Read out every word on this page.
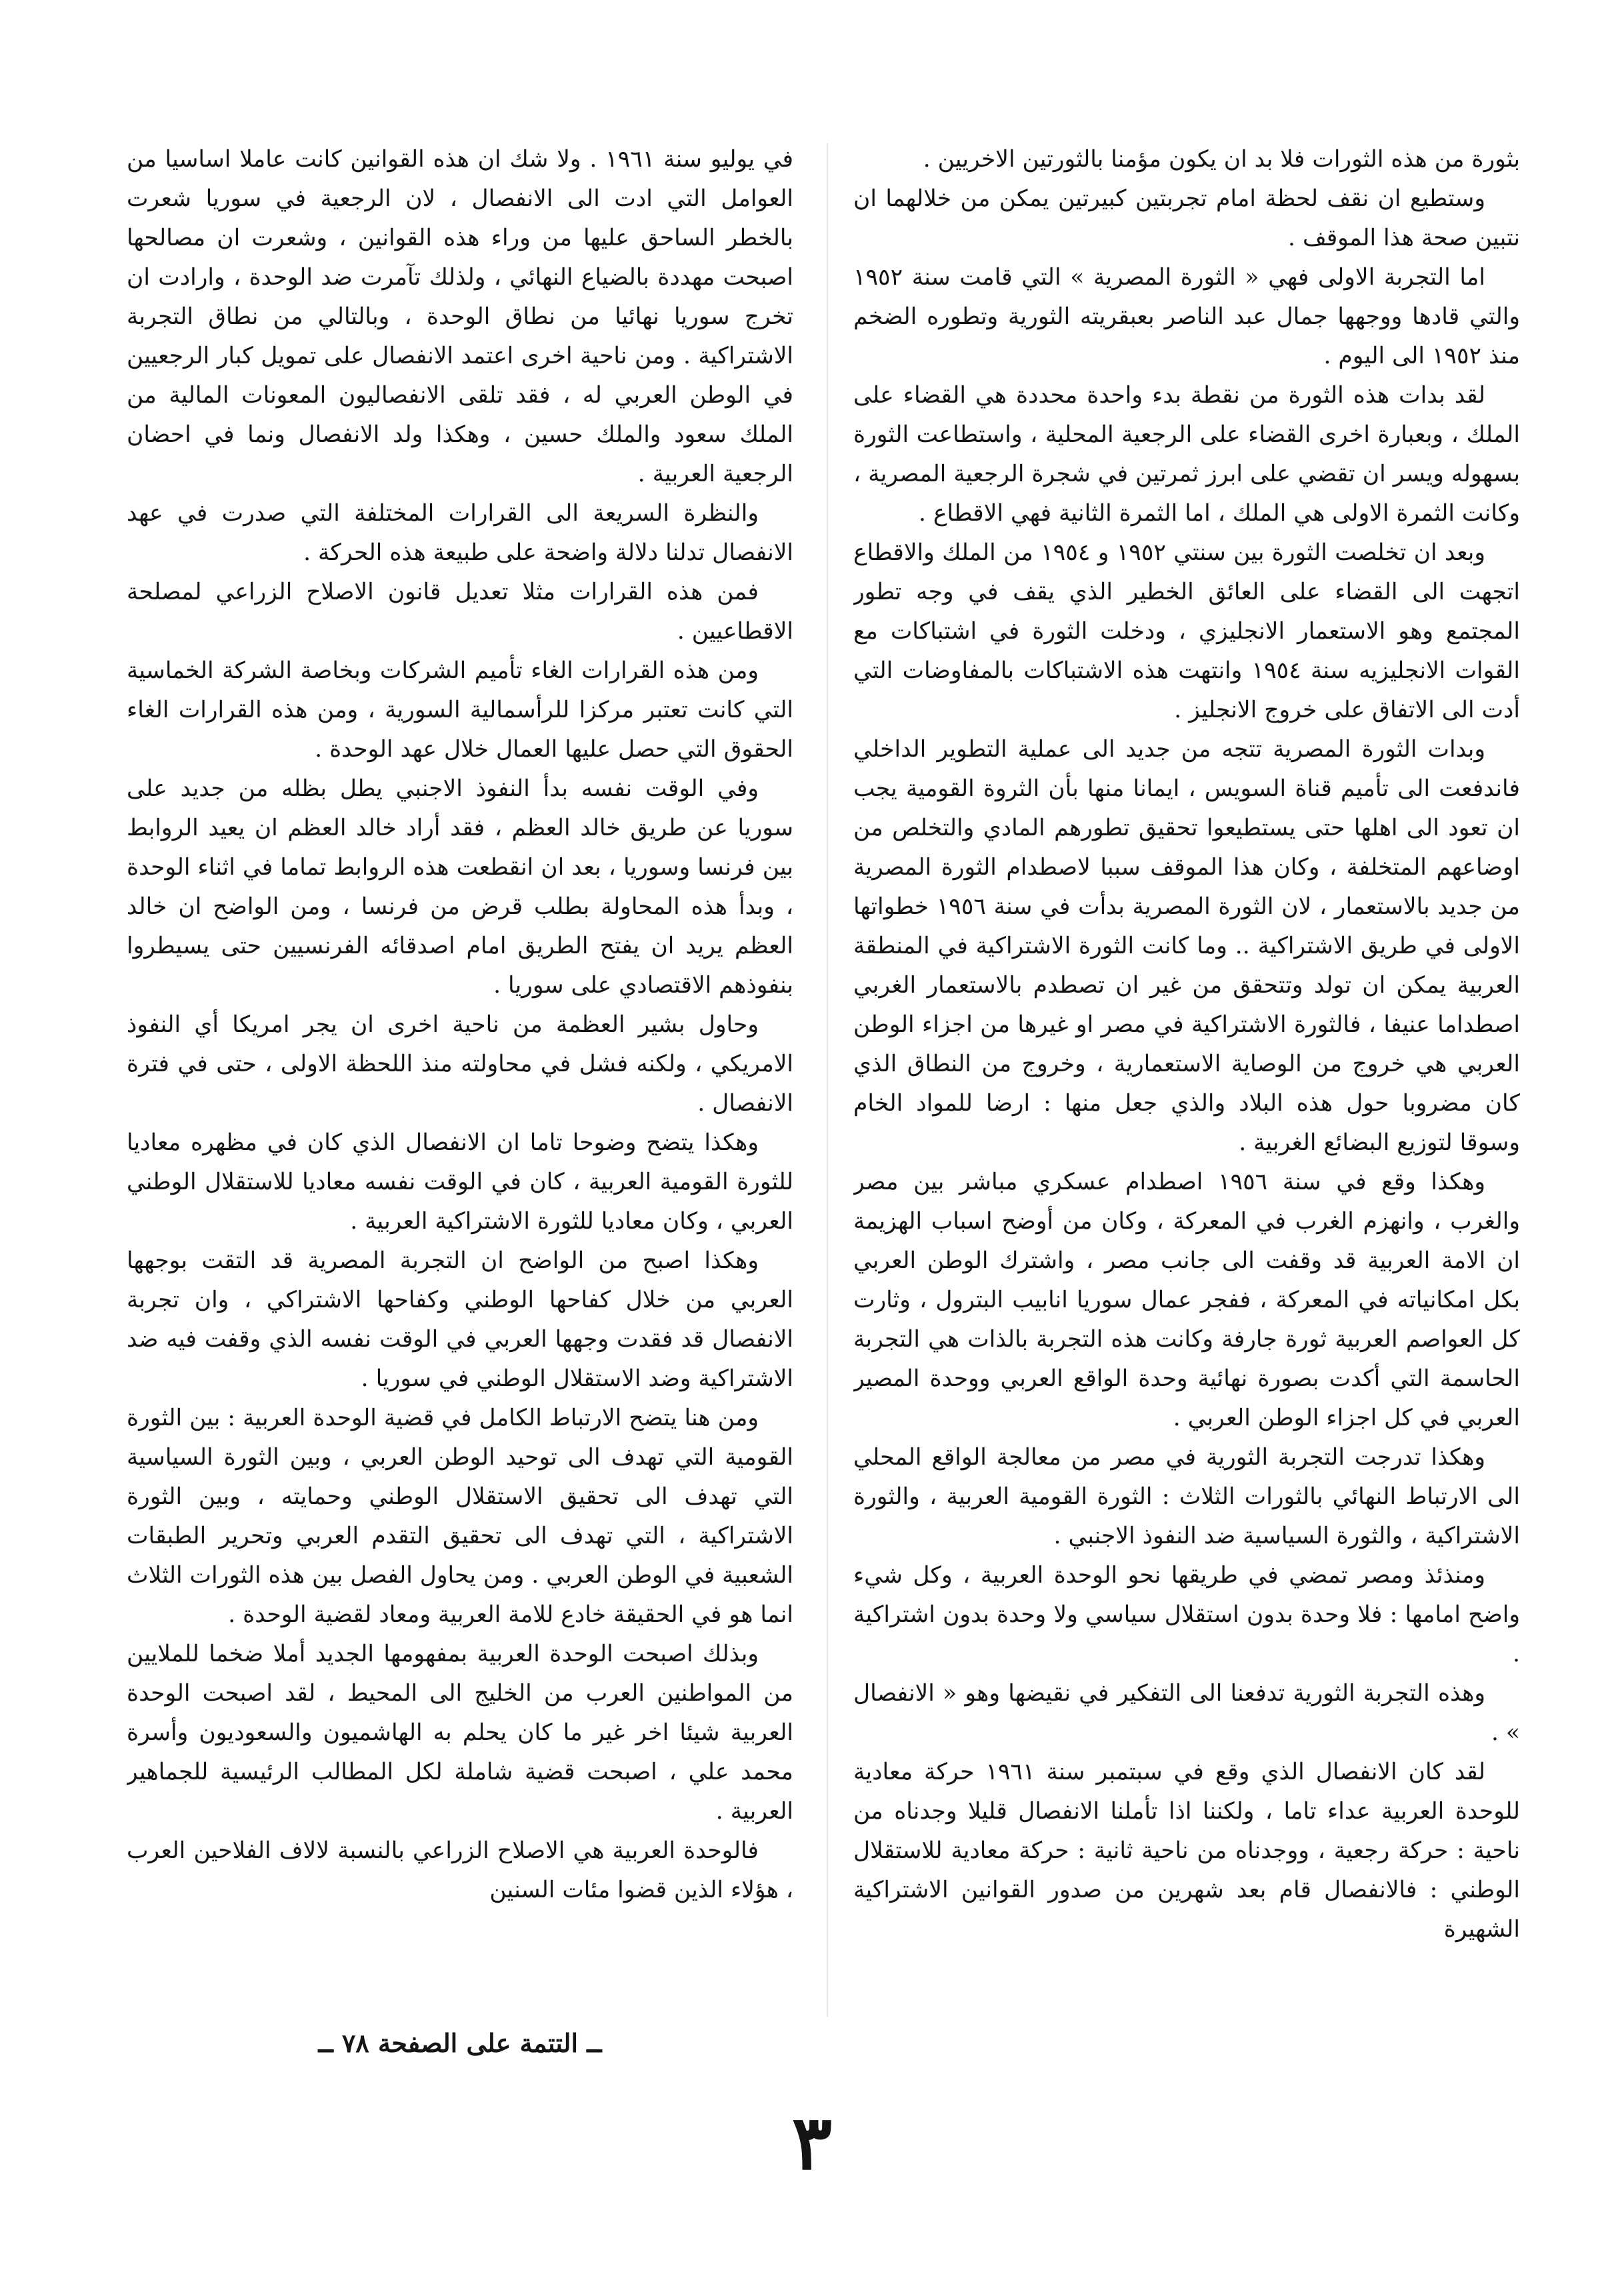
بثورة من هذه الثورات فلا بد ان يكون مؤمنا بالثورتين الاخريين .

وستطيع ان نقف لحظة امام تجربتين كبيرتين يمكن من خلالهما ان نتبين صحة هذا الموقف .

اما التجربة الاولى فهي « الثورة المصرية » التي قامت سنة ١٩٥٢ والتي قادها ووجهها جمال عبد الناصر بعبقريته الثورية وتطوره الضخم منذ ١٩٥٢ الى اليوم .

لقد بدات هذه الثورة من نقطة بدء واحدة محددة هي القضاء على الملك ، وبعبارة اخرى القضاء على الرجعية المحلية ، واستطاعت الثورة بسهوله ويسر ان تقضي على ابرز ثمرتين في شجرة الرجعية المصرية ، وكانت الثمرة الاولى هي الملك ، اما الثمرة الثانية فهي الاقطاع .

وبعد ان تخلصت الثورة بين سنتي ١٩٥٢ و ١٩٥٤ من الملك والاقطاع اتجهت الى القضاء على العائق الخطير الذي يقف في وجه تطور المجتمع وهو الاستعمار الانجليزي ، ودخلت الثورة في اشتباكات مع القوات الانجليزيه سنة ١٩٥٤ وانتهت هذه الاشتباكات بالمفاوضات التي أدت الى الاتفاق على خروج الانجليز .

وبدات الثورة المصرية تتجه من جديد الى عملية التطوير الداخلي فاندفعت الى تأميم قناة السويس ، ايمانا منها بأن الثروة القومية يجب ان تعود الى اهلها حتى يستطيعوا تحقيق تطورهم المادي والتخلص من اوضاعهم المتخلفة ، وكان هذا الموقف سببا لاصطدام الثورة المصرية من جديد بالاستعمار ، لان الثورة المصرية بدأت في سنة ١٩٥٦ خطواتها الاولى في طريق الاشتراكية .. وما كانت الثورة الاشتراكية في المنطقة العربية يمكن ان تولد وتتحقق من غير ان تصطدم بالاستعمار الغربي اصطداما عنيفا ، فالثورة الاشتراكية في مصر او غيرها من اجزاء الوطن العربي هي خروج من الوصاية الاستعمارية ، وخروج من النطاق الذي كان مضروبا حول هذه البلاد والذي جعل منها : ارضا للمواد الخام وسوقا لتوزيع البضائع الغربية .

وهكذا وقع في سنة ١٩٥٦ اصطدام عسكري مباشر بين مصر والغرب ، وانهزم الغرب في المعركة ، وكان من أوضح اسباب الهزيمة ان الامة العربية قد وقفت الى جانب مصر ، واشترك الوطن العربي بكل امكانياته في المعركة ، ففجر عمال سوريا انابيب البترول ، وثارت كل العواصم العربية ثورة جارفة وكانت هذه التجربة بالذات هي التجربة الحاسمة التي أكدت بصورة نهائية وحدة الواقع العربي ووحدة المصير العربي في كل اجزاء الوطن العربي .

وهكذا تدرجت التجربة الثورية في مصر من معالجة الواقع المحلي الى الارتباط النهائي بالثورات الثلاث : الثورة القومية العربية ، والثورة الاشتراكية ، والثورة السياسية ضد النفوذ الاجنبي .

ومنذئذ ومصر تمضي في طريقها نحو الوحدة العربية ، وكل شيء واضح امامها : فلا وحدة بدون استقلال سياسي ولا وحدة بدون اشتراكية .

وهذه التجربة الثورية تدفعنا الى التفكير في نقيضها وهو « الانفصال » .

لقد كان الانفصال الذي وقع في سبتمبر سنة ١٩٦١ حركة معادية للوحدة العربية عداء تاما ، ولكننا اذا تأملنا الانفصال قليلا وجدناه من ناحية : حركة رجعية ، ووجدناه من ناحية ثانية : حركة معادية للاستقلال الوطني : فالانفصال قام بعد شهرين من صدور القوانين الاشتراكية الشهيرة

في يوليو سنة ١٩٦١ . ولا شك ان هذه القوانين كانت عاملا اساسيا من العوامل التي ادت الى الانفصال ، لان الرجعية في سوريا شعرت بالخطر الساحق عليها من وراء هذه القوانين ، وشعرت ان مصالحها اصبحت مهددة بالضياع النهائي ، ولذلك تآمرت ضد الوحدة ، وارادت ان تخرج سوريا نهائيا من نطاق الوحدة ، وبالتالي من نطاق التجربة الاشتراكية . ومن ناحية اخرى اعتمد الانفصال على تمويل كبار الرجعيين في الوطن العربي له ، فقد تلقى الانفصاليون المعونات المالية من الملك سعود والملك حسين ، وهكذا ولد الانفصال ونما في احضان الرجعية العربية .

والنظرة السريعة الى القرارات المختلفة التي صدرت في عهد الانفصال تدلنا دلالة واضحة على طبيعة هذه الحركة .

فمن هذه القرارات مثلا تعديل قانون الاصلاح الزراعي لمصلحة الاقطاعيين .

ومن هذه القرارات الغاء تأميم الشركات وبخاصة الشركة الخماسية التي كانت تعتبر مركزا للرأسمالية السورية ، ومن هذه القرارات الغاء الحقوق التي حصل عليها العمال خلال عهد الوحدة .

وفي الوقت نفسه بدأ النفوذ الاجنبي يطل بظله من جديد على سوريا عن طريق خالد العظم ، فقد أراد خالد العظم ان يعيد الروابط بين فرنسا وسوريا ، بعد ان انقطعت هذه الروابط تماما في اثناء الوحدة ، وبدأ هذه المحاولة بطلب قرض من فرنسا ، ومن الواضح ان خالد العظم يريد ان يفتح الطريق امام اصدقائه الفرنسيين حتى يسيطروا بنفوذهم الاقتصادي على سوريا .

وحاول بشير العظمة من ناحية اخرى ان يجر امريكا أي النفوذ الامريكي ، ولكنه فشل في محاولته منذ اللحظة الاولى ، حتى في فترة الانفصال .

وهكذا يتضح وضوحا تاما ان الانفصال الذي كان في مظهره معاديا للثورة القومية العربية ، كان في الوقت نفسه معاديا للاستقلال الوطني العربي ، وكان معاديا للثورة الاشتراكية العربية .

وهكذا اصبح من الواضح ان التجربة المصرية قد التقت بوجهها العربي من خلال كفاحها الوطني وكفاحها الاشتراكي ، وان تجربة الانفصال قد فقدت وجهها العربي في الوقت نفسه الذي وقفت فيه ضد الاشتراكية وضد الاستقلال الوطني في سوريا .

ومن هنا يتضح الارتباط الكامل في قضية الوحدة العربية : بين الثورة القومية التي تهدف الى توحيد الوطن العربي ، وبين الثورة السياسية التي تهدف الى تحقيق الاستقلال الوطني وحمايته ، وبين الثورة الاشتراكية ، التي تهدف الى تحقيق التقدم العربي وتحرير الطبقات الشعبية في الوطن العربي . ومن يحاول الفصل بين هذه الثورات الثلاث انما هو في الحقيقة خادع للامة العربية ومعاد لقضية الوحدة .

وبذلك اصبحت الوحدة العربية بمفهومها الجديد أملا ضخما للملايين من المواطنين العرب من الخليج الى المحيط ، لقد اصبحت الوحدة العربية شيئا اخر غير ما كان يحلم به الهاشميون والسعوديون وأسرة محمد علي ، اصبحت قضية شاملة لكل المطالب الرئيسية للجماهير العربية .

فالوحدة العربية هي الاصلاح الزراعي بالنسبة لالاف الفلاحين العرب ، هؤلاء الذين قضوا مئات السنين

ــ التتمة على الصفحة ٧٨ ــ
٣
